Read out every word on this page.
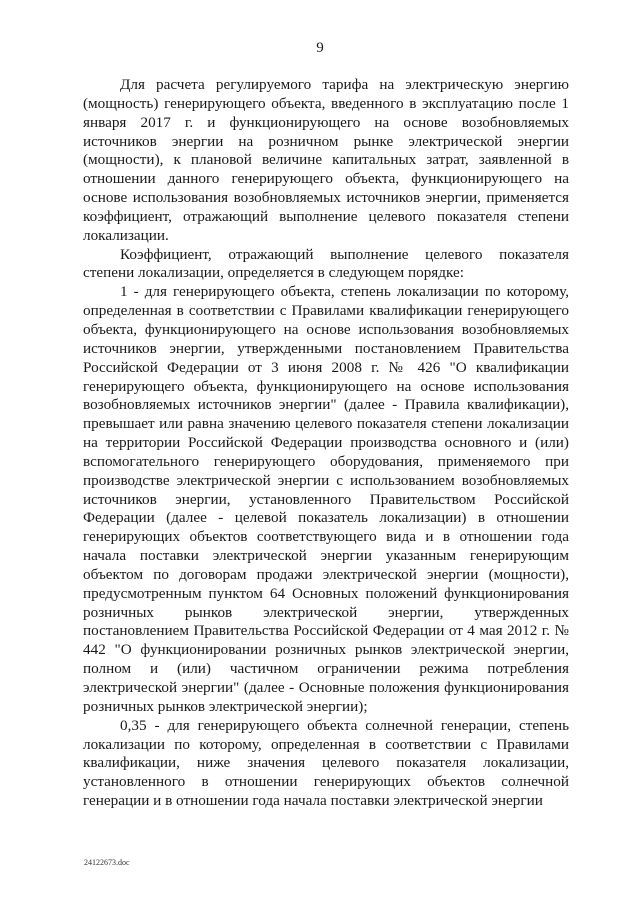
9

Для расчета регулируемого тарифа на электрическую энергию (мощность) генерирующего объекта, введенного в эксплуатацию после 1 января 2017 г. и функционирующего на основе возобновляемых источников энергии на розничном рынке электрической энергии (мощности), к плановой величине капитальных затрат, заявленной в отношении данного генерирующего объекта, функционирующего на основе использования возобновляемых источников энергии, применяется коэффициент, отражающий выполнение целевого показателя степени локализации.

Коэффициент, отражающий выполнение целевого показателя степени локализации, определяется в следующем порядке:

1 - для генерирующего объекта, степень локализации по которому, определенная в соответствии с Правилами квалификации генерирующего объекта, функционирующего на основе использования возобновляемых источников энергии, утвержденными постановлением Правительства Российской Федерации от 3 июня 2008 г. № 426 "О квалификации генерирующего объекта, функционирующего на основе использования возобновляемых источников энергии" (далее - Правила квалификации), превышает или равна значению целевого показателя степени локализации на территории Российской Федерации производства основного и (или) вспомогательного генерирующего оборудования, применяемого при производстве электрической энергии с использованием возобновляемых источников энергии, установленного Правительством Российской Федерации (далее - целевой показатель локализации) в отношении генерирующих объектов соответствующего вида и в отношении года начала поставки электрической энергии указанным генерирующим объектом по договорам продажи электрической энергии (мощности), предусмотренным пунктом 64 Основных положений функционирования розничных рынков электрической энергии, утвержденных постановлением Правительства Российской Федерации от 4 мая 2012 г. № 442 "О функционировании розничных рынков электрической энергии, полном и (или) частичном ограничении режима потребления электрической энергии" (далее - Основные положения функционирования розничных рынков электрической энергии);

0,35 - для генерирующего объекта солнечной генерации, степень локализации по которому, определенная в соответствии с Правилами квалификации, ниже значения целевого показателя локализации, установленного в отношении генерирующих объектов солнечной генерации и в отношении года начала поставки электрической энергии

24122673.doc
